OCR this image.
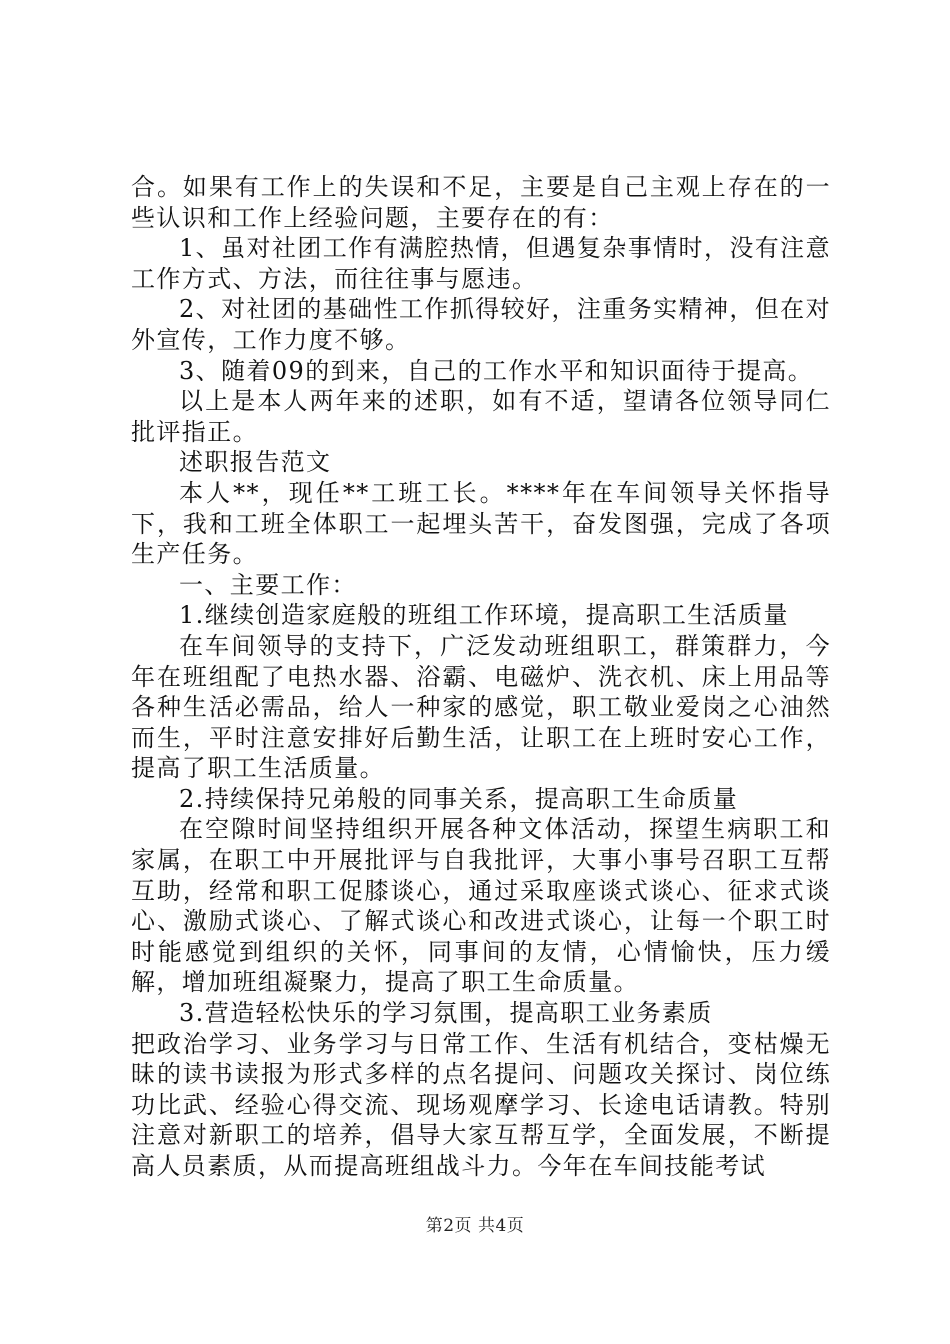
合。如果有工作上的失误和不足，主要是自己主观上存在的一些认识和工作上经验问题，主要存在的有：

1、虽对社团工作有满腔热情，但遇复杂事情时，没有注意工作方式、方法，而往往事与愿违。

2、对社团的基础性工作抓得较好，注重务实精神，但在对外宣传，工作力度不够。

3、随着09的到来，自己的工作水平和知识面待于提高。

以上是本人两年来的述职，如有不适，望请各位领导同仁批评指正。

述职报告范文

本人**，现任**工班工长。****年在车间领导关怀指导下，我和工班全体职工一起埋头苦干，奋发图强，完成了各项生产任务。

一、主要工作：

1.继续创造家庭般的班组工作环境，提高职工生活质量

在车间领导的支持下，广泛发动班组职工，群策群力，今年在班组配了电热水器、浴霸、电磁炉、洗衣机、床上用品等各种生活必需品，给人一种家的感觉，职工敬业爱岗之心油然而生，平时注意安排好后勤生活，让职工在上班时安心工作，提高了职工生活质量。

2.持续保持兄弟般的同事关系，提高职工生命质量

在空隙时间坚持组织开展各种文体活动，探望生病职工和家属，在职工中开展批评与自我批评，大事小事号召职工互帮互助，经常和职工促膝谈心，通过采取座谈式谈心、征求式谈心、激励式谈心、了解式谈心和改进式谈心，让每一个职工时时能感觉到组织的关怀，同事间的友情，心情愉快，压力缓解，增加班组凝聚力，提高了职工生命质量。

3.营造轻松快乐的学习氛围，提高职工业务素质

把政治学习、业务学习与日常工作、生活有机结合，变枯燥无昧的读书读报为形式多样的点名提问、问题攻关探讨、岗位练功比武、经验心得交流、现场观摩学习、长途电话请教。特别注意对新职工的培养，倡导大家互帮互学，全面发展，不断提高人员素质，从而提高班组战斗力。今年在车间技能考试

第2页 共4页
